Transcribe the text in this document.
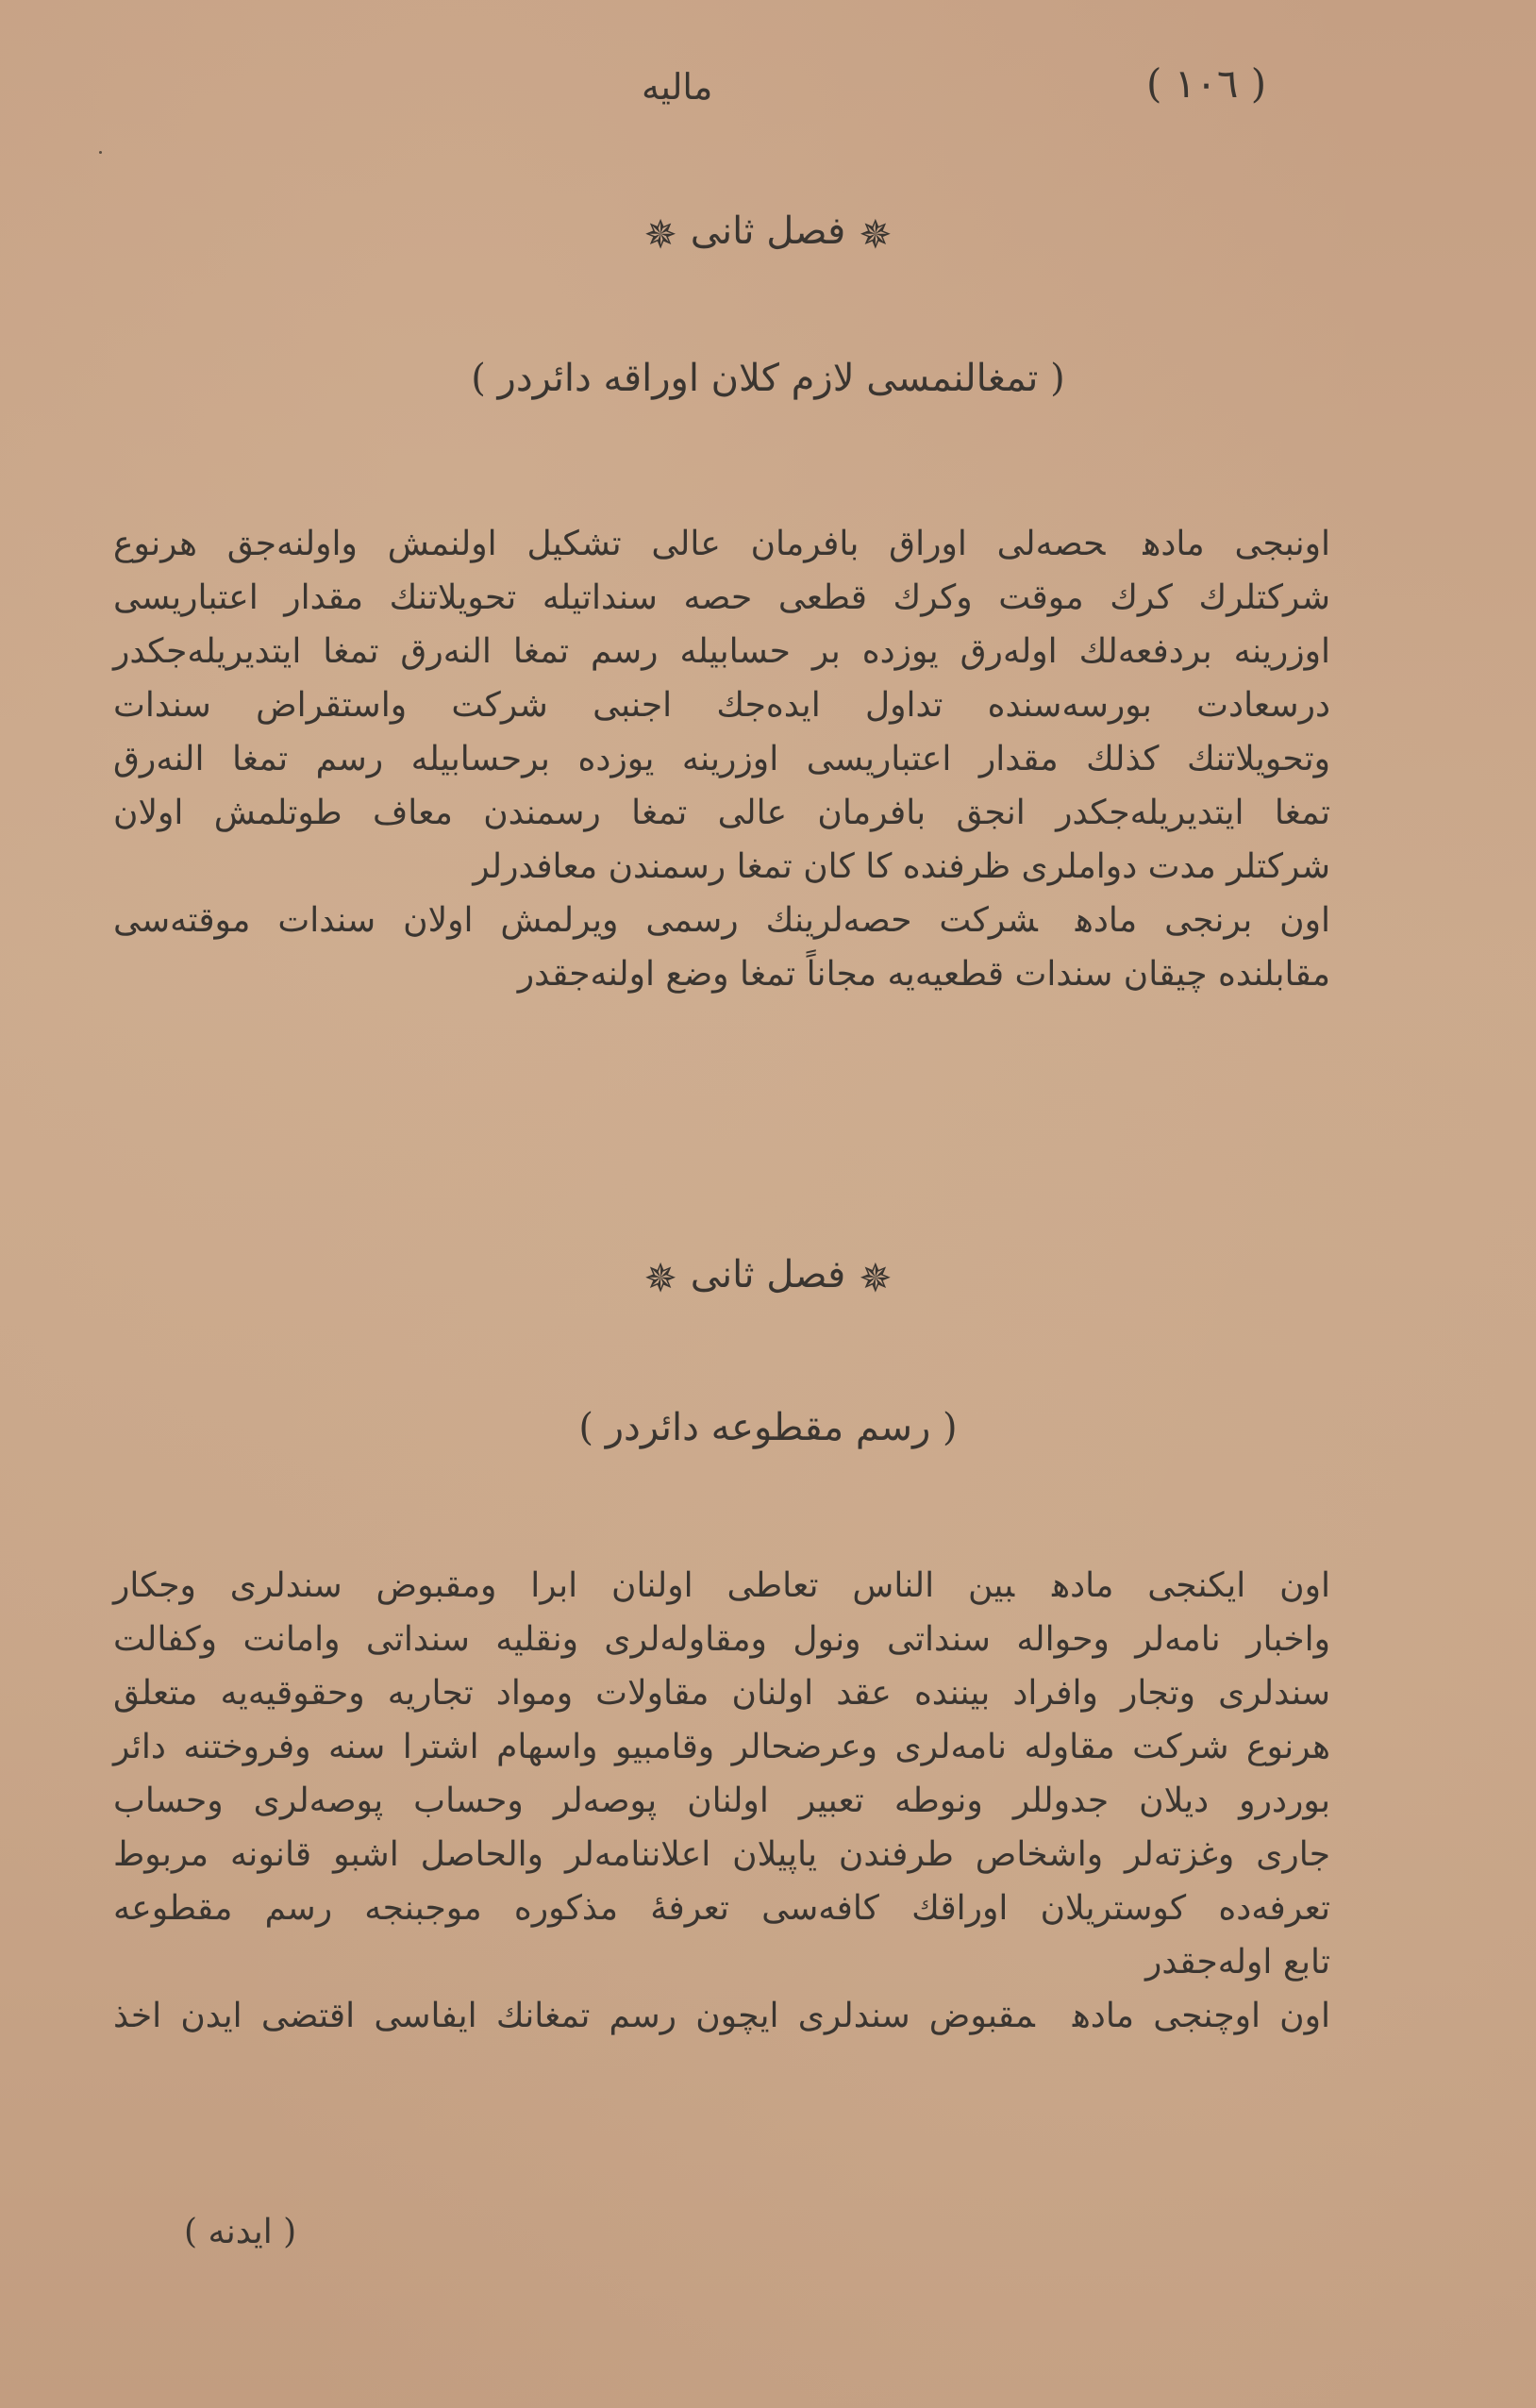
مالیه	( ١٠٦ )
✵فصل ثانی✵
( تمغالنمسی لازم کلان اوراقه دائردر )
اونبجی مادهحصه‌لی اوراق بافرمان عالی تشکیل اولنمش واولنه‌جق هرنوع
شرکتلرك كرك موقت وكرك قطعی حصه سنداتیله تحویلاتنك مقدار اعتباریسی
اوزرینه بردفعه‌لك اوله‌رق یوزده بر حسابیله رسم تمغا النه‌رق تمغا ایتدیریله‌جکدر
درسعادت بورسه‌سنده تداول ایده‌جك اجنبی شرکت واستقراض سندات
وتحویلاتنك كذلك مقدار اعتباریسی اوزرینه یوزده برحسابیله رسم تمغا النه‌رق
تمغا ایتدیریله‌جکدر انجق بافرمان عالی تمغا رسمندن معاف طوتلمش اولان
شرکتلر مدت دواملری ظرفنده کا کان تمغا رسمندن معافدرلر
اون برنجی مادهشرکت حصه‌لرینك رسمی ویرلمش اولان سندات موقته‌سی
مقابلنده چیقان سندات قطعیه‌یه مجاناً تمغا وضع اولنه‌جقدر
✵فصل ثانی✵
( رسم مقطوعه دائردر )
اون ایکنجی مادهبین الناس تعاطی اولنان ابرا ومقبوض سندلری وجکار
واخبار نامه‌لر وحواله سنداتی ونول ومقاوله‌لری ونقلیه سنداتی وامانت وکفالت
سندلری وتجار وافراد بیننده عقد اولنان مقاولات ومواد تجاریه وحقوقیه‌یه متعلق
هرنوع شرکت مقاوله نامه‌لری وعرضحالر وقامبیو واسهام اشترا سنه وفروختنه دائر
بوردرو دیلان جدوللر ونوطه تعبیر اولنان پوصه‌لر وحساب پوصه‌لری وحساب
جاری وغزته‌لر واشخاص طرفندن یاپیلان اعلاننامه‌لر والحاصل اشبو قانونه مربوط
تعرفه‌ده کوستریلان اوراقك کافه‌سی تعرفهٔ مذکوره موجبنجه رسم مقطوعه
تابع اوله‌جقدر
اون اوچنجی مادهمقبوض سندلری ایچون رسم تمغانك ایفاسی اقتضی ایدن اخذ
( ایدنه )
